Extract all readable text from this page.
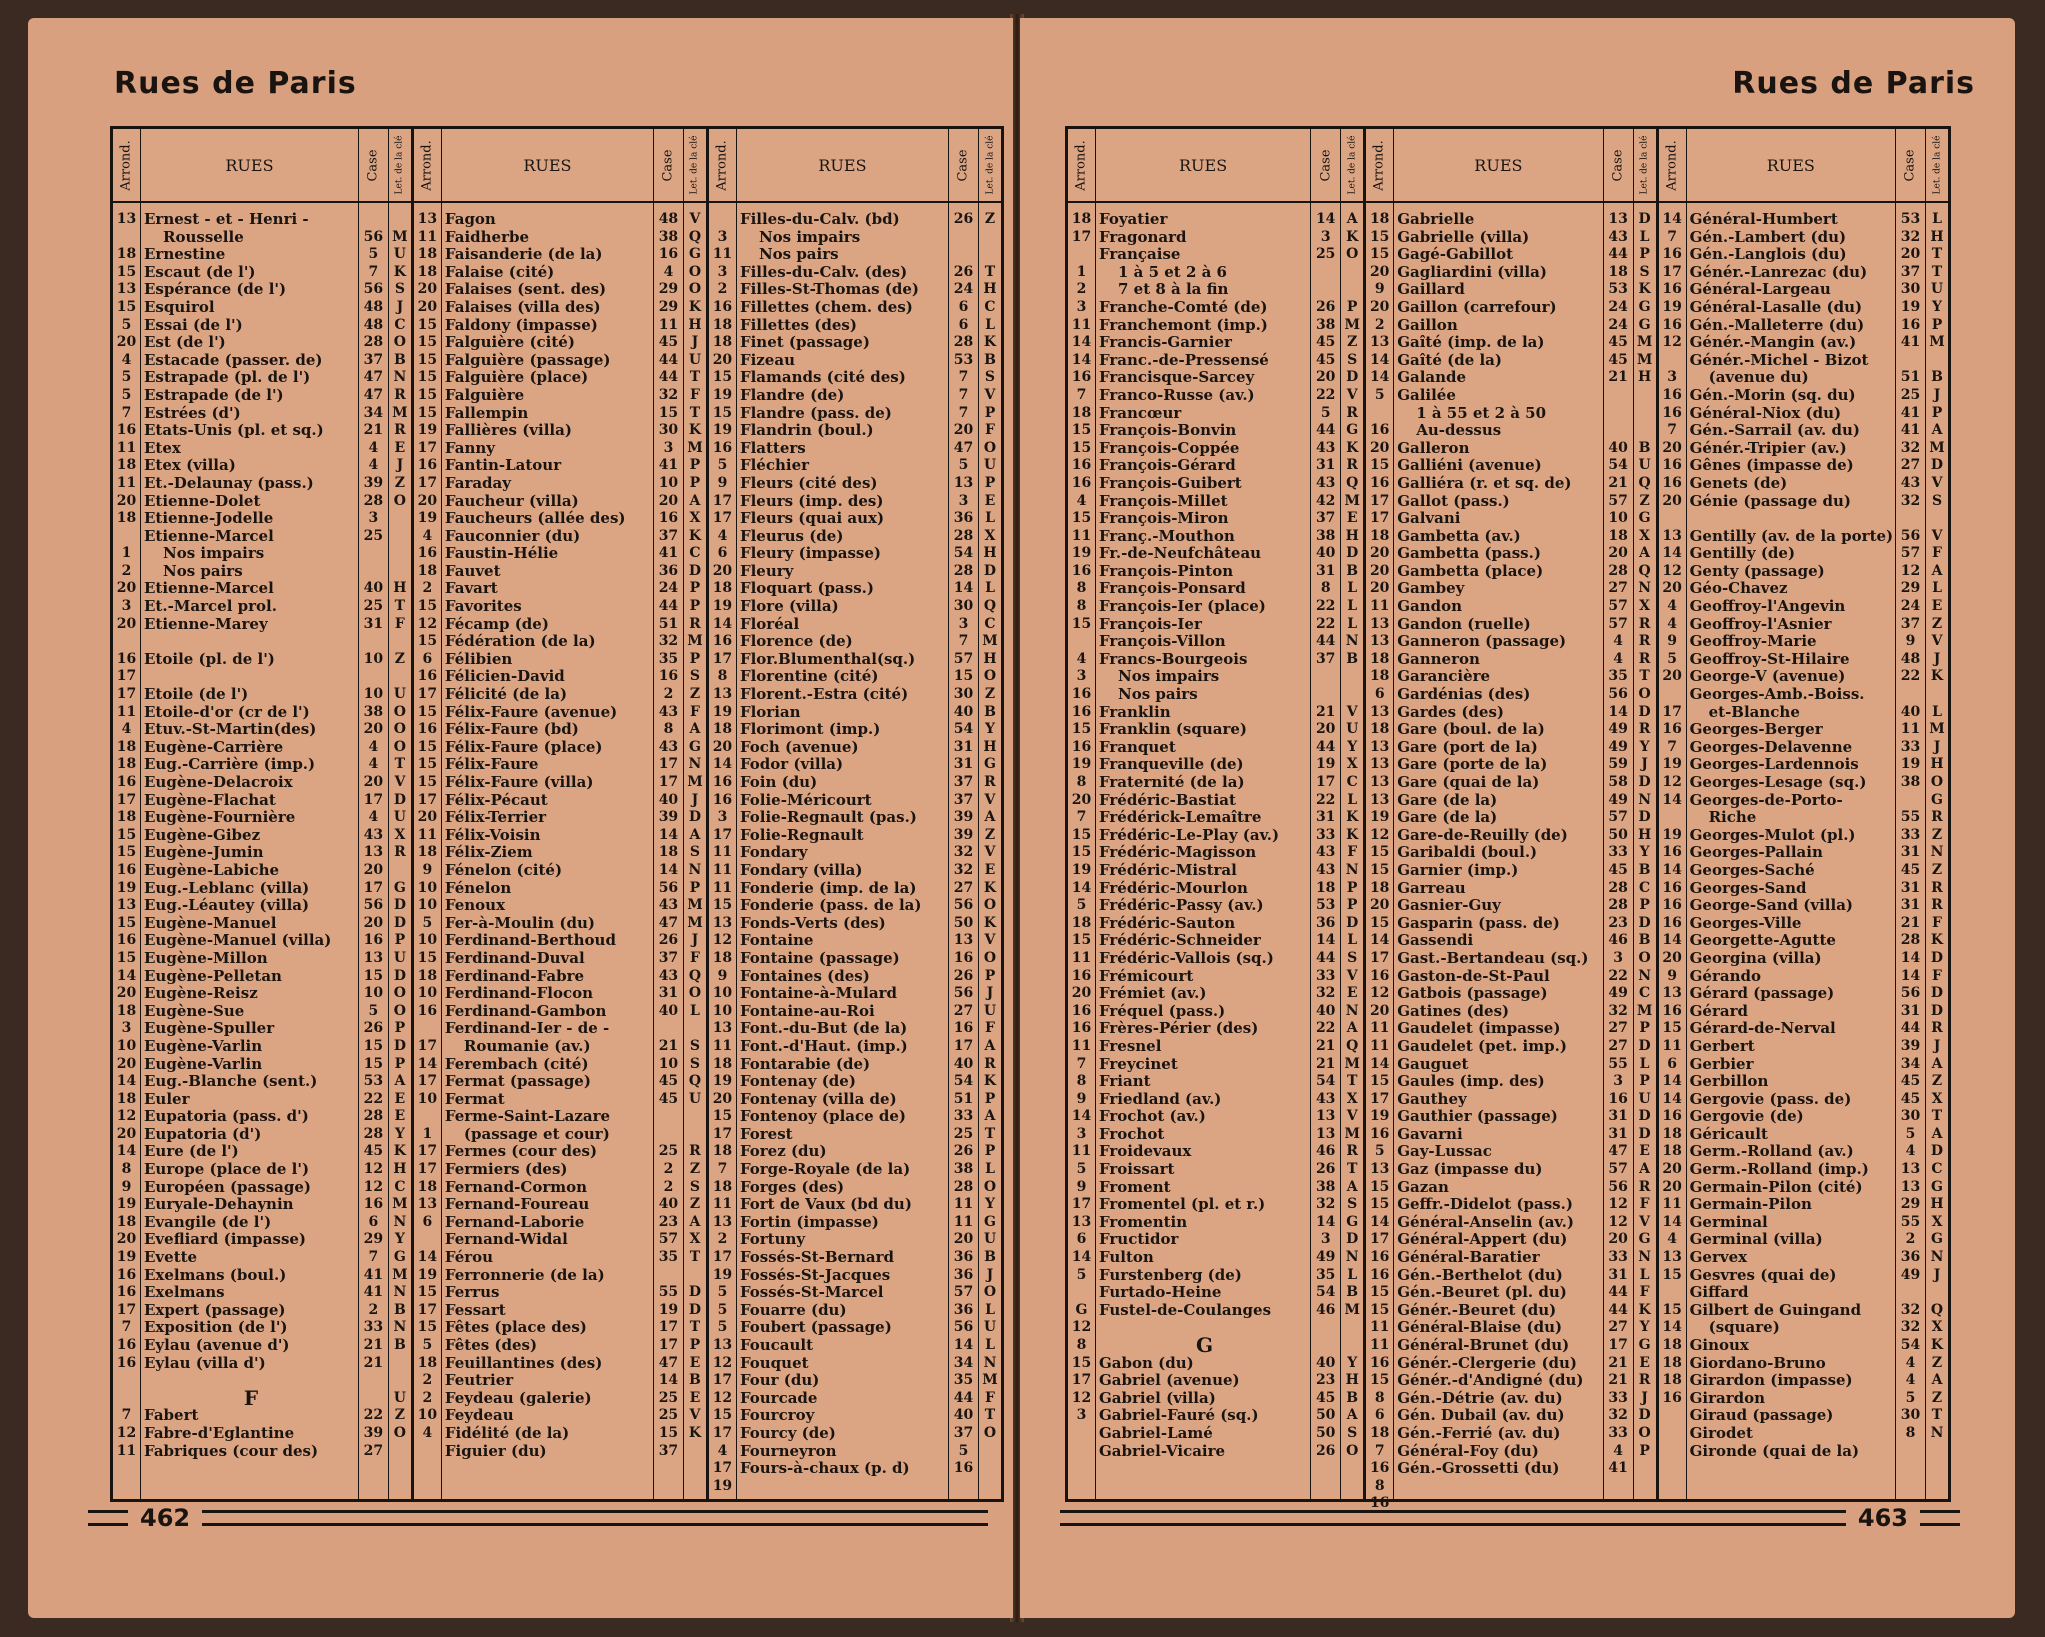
Rues de Paris
Arrond.
13
18
15
13
15
5
20
4
5
5
7
16
11
18
11
20
18
1
2
20
3
20
16
17
17
11
4
18
18
16
17
18
15
15
16
19
13
15
16
15
14
20
18
3
10
20
14
18
12
20
14
8
9
19
18
20
19
16
16
17
7
16
16
7
12
11
RUES
Ernest - et - Henri -
Rousselle
Ernestine
Escaut (de l')
Espérance (de l')
Esquirol
Essai (de l')
Est (de l')
Estacade (passer. de)
Estrapade (pl. de l')
Estrapade (de l')
Estrées (d')
Etats-Unis (pl. et sq.)
Etex
Etex (villa)
Et.-Delaunay (pass.)
Etienne-Dolet
Etienne-Jodelle
Etienne-Marcel
Nos impairs
Nos pairs
Etienne-Marcel
Et.-Marcel prol.
Etienne-Marey
Etoile (pl. de l')
Etoile (de l')
Etoile-d'or (cr de l')
Etuv.-St-Martin(des)
Eugène-Carrière
Eug.-Carrière (imp.)
Eugène-Delacroix
Eugène-Flachat
Eugène-Fournière
Eugène-Gibez
Eugène-Jumin
Eugène-Labiche
Eug.-Leblanc (villa)
Eug.-Léautey (villa)
Eugène-Manuel
Eugène-Manuel (villa)
Eugène-Millon
Eugène-Pelletan
Eugène-Reisz
Eugène-Sue
Eugène-Spuller
Eugène-Varlin
Eugène-Varlin
Eug.-Blanche (sent.)
Euler
Eupatoria (pass. d')
Eupatoria (d')
Eure (de l')
Europe (place de l')
Européen (passage)
Euryale-Dehaynin
Evangile (de l')
Evefliard (impasse)
Evette
Exelmans (boul.)
Exelmans
Expert (passage)
Exposition (de l')
Eylau (avenue d')
Eylau (villa d')
F
Fabert
Fabre-d'Eglantine
Fabriques (cour des)
Case
56
5
7
56
48
48
28
37
47
47
34
21
4
4
39
28
3
25
40
25
31
10
10
38
20
4
4
20
17
4
43
13
20
17
56
20
16
13
15
10
5
26
15
15
53
22
28
28
45
12
12
16
6
29
7
41
41
2
33
21
21
22
39
27
Let. de la clé
M
U
K
S
J
C
O
B
N
R
M
R
E
J
Z
O
H
T
F
Z
U
O
O
O
T
V
D
U
X
R
G
D
D
P
U
D
O
O
P
D
P
A
E
E
Y
K
H
C
M
N
Y
G
M
N
B
N
B
U
Z
O
Arrond.
13
11
18
18
20
20
15
15
15
15
15
15
19
17
16
17
20
19
4
16
18
2
15
12
15
6
16
17
15
16
15
15
15
17
20
11
18
9
10
10
5
10
15
18
10
16
17
14
17
10
1
17
17
18
13
6
14
19
15
17
15
5
18
2
2
10
4
RUES
Fagon
Faidherbe
Faisanderie (de la)
Falaise (cité)
Falaises (sent. des)
Falaises (villa des)
Faldony (impasse)
Falguière (cité)
Falguière (passage)
Falguière (place)
Falguière
Fallempin
Fallières (villa)
Fanny
Fantin-Latour
Faraday
Faucheur (villa)
Faucheurs (allée des)
Fauconnier (du)
Faustin-Hélie
Fauvet
Favart
Favorites
Fécamp (de)
Fédération (de la)
Félibien
Félicien-David
Félicité (de la)
Félix-Faure (avenue)
Félix-Faure (bd)
Félix-Faure (place)
Félix-Faure
Félix-Faure (villa)
Félix-Pécaut
Félix-Terrier
Félix-Voisin
Félix-Ziem
Fénelon (cité)
Fénelon
Fenoux
Fer-à-Moulin (du)
Ferdinand-Berthoud
Ferdinand-Duval
Ferdinand-Fabre
Ferdinand-Flocon
Ferdinand-Gambon
Ferdinand-Ier - de -
Roumanie (av.)
Ferembach (cité)
Fermat (passage)
Fermat
Ferme-Saint-Lazare
(passage et cour)
Fermes (cour des)
Fermiers (des)
Fernand-Cormon
Fernand-Foureau
Fernand-Laborie
Fernand-Widal
Férou
Ferronnerie (de la)
Ferrus
Fessart
Fêtes (place des)
Fêtes (des)
Feuillantines (des)
Feutrier
Feydeau (galerie)
Feydeau
Fidélité (de la)
Figuier (du)
Case
48
38
16
4
29
29
11
45
44
44
32
15
30
3
41
10
20
16
37
41
36
24
44
51
32
35
16
2
43
8
43
17
17
40
39
14
18
14
56
43
47
26
37
43
31
40
21
10
45
45
25
2
2
40
23
57
35
55
19
17
17
47
14
25
25
15
37
Let. de la clé
V
Q
G
O
O
K
H
J
U
T
F
T
K
M
P
P
A
X
K
C
D
P
P
R
M
P
S
Z
F
A
G
N
M
J
D
A
S
N
P
M
M
J
F
Q
O
L
S
S
Q
U
R
Z
S
Z
A
X
T
D
D
T
P
E
B
E
V
K
Arrond.
3
11
3
2
16
18
18
20
15
19
15
19
16
5
9
17
17
4
6
20
18
19
14
16
17
8
13
19
18
20
14
16
16
3
17
11
11
11
15
13
12
18
9
10
10
13
11
18
19
20
15
17
18
7
18
11
13
2
17
19
5
5
5
13
12
17
12
15
17
4
17
19
RUES
Filles-du-Calv. (bd)
Nos impairs
Nos pairs
Filles-du-Calv. (des)
Filles-St-Thomas (de)
Fillettes (chem. des)
Fillettes (des)
Finet (passage)
Fizeau
Flamands (cité des)
Flandre (de)
Flandre (pass. de)
Flandrin (boul.)
Flatters
Fléchier
Fleurs (cité des)
Fleurs (imp. des)
Fleurs (quai aux)
Fleurus (de)
Fleury (impasse)
Fleury
Floquart (pass.)
Flore (villa)
Floréal
Florence (de)
Flor.Blumenthal(sq.)
Florentine (cité)
Florent.-Estra (cité)
Florian
Florimont (imp.)
Foch (avenue)
Fodor (villa)
Foin (du)
Folie-Méricourt
Folie-Regnault (pas.)
Folie-Regnault
Fondary
Fondary (villa)
Fonderie (imp. de la)
Fonderie (pass. de la)
Fonds-Verts (des)
Fontaine
Fontaine (passage)
Fontaines (des)
Fontaine-à-Mulard
Fontaine-au-Roi
Font.-du-But (de la)
Font.-d'Haut. (imp.)
Fontarabie (de)
Fontenay (de)
Fontenay (villa de)
Fontenoy (place de)
Forest
Forez (du)
Forge-Royale (de la)
Forges (des)
Fort de Vaux (bd du)
Fortin (impasse)
Fortuny
Fossés-St-Bernard
Fossés-St-Jacques
Fossés-St-Marcel
Fouarre (du)
Foubert (passage)
Foucault
Fouquet
Four (du)
Fourcade
Fourcroy
Fourcy (de)
Fourneyron
Fours-à-chaux (p. d)
Case
26
26
24
6
6
28
53
7
7
7
20
47
5
13
3
36
28
54
28
14
30
3
7
57
15
30
40
54
31
31
37
37
39
39
32
32
27
56
50
13
16
26
56
27
16
17
40
54
51
33
25
26
38
28
11
11
20
36
36
57
36
56
14
34
35
44
40
37
5
16
Let. de la clé
Z
T
H
C
L
K
B
S
V
P
F
O
U
P
E
L
X
H
D
L
Q
C
M
H
O
Z
B
Y
H
G
R
V
A
Z
V
E
K
O
K
V
O
P
J
U
F
A
R
K
P
A
T
P
L
O
Y
G
U
B
J
O
L
U
L
N
M
F
T
O
462
Rues de Paris
Arrond.
18
17
1
2
3
11
14
14
16
7
18
15
15
16
16
4
15
11
19
16
8
8
15
4
3
16
16
15
16
19
8
20
7
15
15
19
14
5
18
15
11
16
20
16
16
11
7
8
9
14
3
11
5
9
17
13
6
14
5
G
12
8
15
17
12
3
RUES
Foyatier
Fragonard
Française
1 à 5 et 2 à 6
7 et 8 à la fin
Franche-Comté (de)
Franchemont (imp.)
Francis-Garnier
Franc.-de-Pressensé
Francisque-Sarcey
Franco-Russe (av.)
Francœur
François-Bonvin
François-Coppée
François-Gérard
François-Guibert
François-Millet
François-Miron
Franç.-Mouthon
Fr.-de-Neufchâteau
François-Pinton
François-Ponsard
François-Ier (place)
François-Ier
François-Villon
Francs-Bourgeois
Nos impairs
Nos pairs
Franklin
Franklin (square)
Franquet
Franqueville (de)
Fraternité (de la)
Frédéric-Bastiat
Frédérick-Lemaître
Frédéric-Le-Play (av.)
Frédéric-Magisson
Frédéric-Mistral
Frédéric-Mourlon
Frédéric-Passy (av.)
Frédéric-Sauton
Frédéric-Schneider
Frédéric-Vallois (sq.)
Frémicourt
Frémiet (av.)
Fréquel (pass.)
Frères-Périer (des)
Fresnel
Freycinet
Friant
Friedland (av.)
Frochot (av.)
Frochot
Froidevaux
Froissart
Froment
Fromentel (pl. et r.)
Fromentin
Fructidor
Fulton
Furstenberg (de)
Furtado-Heine
Fustel-de-Coulanges
G
Gabon (du)
Gabriel (avenue)
Gabriel (villa)
Gabriel-Fauré (sq.)
Gabriel-Lamé
Gabriel-Vicaire
Case
14
3
25
26
38
45
45
20
22
5
44
43
31
43
42
37
38
40
31
8
22
22
44
37
21
20
44
19
17
22
31
33
43
43
18
53
36
14
44
33
32
40
22
21
21
54
43
13
13
46
26
38
32
14
3
49
35
54
46
40
23
45
50
50
26
Let. de la clé
A
K
O
P
M
Z
S
D
V
R
G
K
R
Q
M
E
H
D
B
L
L
L
N
B
V
U
Y
X
C
L
K
K
F
N
P
P
D
L
S
V
E
N
A
Q
M
T
X
V
M
R
T
A
S
G
D
N
L
B
M
Y
H
B
A
S
O
Arrond.
18
15
15
20
9
20
2
13
14
14
5
16
20
15
16
17
17
18
20
20
20
11
13
13
18
18
6
13
18
13
13
13
13
19
12
15
15
18
20
15
14
17
16
12
20
11
11
14
15
17
19
16
5
13
15
15
14
17
16
16
15
15
11
11
16
15
8
6
18
7
16
8
16
RUES
Gabrielle
Gabrielle (villa)
Gagé-Gabillot
Gagliardini (villa)
Gaillard
Gaillon (carrefour)
Gaillon
Gaîté (imp. de la)
Gaîté (de la)
Galande
Galilée
1 à 55 et 2 à 50
Au-dessus
Galleron
Galliéni (avenue)
Galliéra (r. et sq. de)
Gallot (pass.)
Galvani
Gambetta (av.)
Gambetta (pass.)
Gambetta (place)
Gambey
Gandon
Gandon (ruelle)
Ganneron (passage)
Ganneron
Garancière
Gardénias (des)
Gardes (des)
Gare (boul. de la)
Gare (port de la)
Gare (porte de la)
Gare (quai de la)
Gare (de la)
Gare (de la)
Gare-de-Reuilly (de)
Garibaldi (boul.)
Garnier (imp.)
Garreau
Gasnier-Guy
Gasparin (pass. de)
Gassendi
Gast.-Bertandeau (sq.)
Gaston-de-St-Paul
Gatbois (passage)
Gatines (des)
Gaudelet (impasse)
Gaudelet (pet. imp.)
Gauguet
Gaules (imp. des)
Gauthey
Gauthier (passage)
Gavarni
Gay-Lussac
Gaz (impasse du)
Gazan
Geffr.-Didelot (pass.)
Général-Anselin (av.)
Général-Appert (du)
Général-Baratier
Gén.-Berthelot (du)
Gén.-Beuret (pl. du)
Génér.-Beuret (du)
Général-Blaise (du)
Général-Brunet (du)
Génér.-Clergerie (du)
Génér.-d'Andigné (du)
Gén.-Détrie (av. du)
Gén. Dubail (av. du)
Gén.-Ferrié (av. du)
Général-Foy (du)
Gén.-Grossetti (du)
Case
13
43
44
18
53
24
24
45
45
21
40
54
21
57
10
18
20
28
27
57
57
4
4
35
56
14
49
49
59
58
49
57
50
33
45
28
28
23
46
3
22
49
32
27
27
55
3
16
31
31
47
57
56
12
12
20
33
31
44
44
27
17
21
21
33
32
33
4
41
Let. de la clé
D
L
P
S
K
G
G
M
M
H
B
U
Q
Z
G
X
A
Q
N
X
R
R
R
T
O
D
R
Y
J
D
N
D
H
Y
B
C
P
D
B
O
N
C
M
P
D
L
P
U
D
D
E
A
R
F
V
G
N
L
F
K
Y
G
E
R
J
D
O
P
Arrond.
14
7
16
17
16
19
16
12
3
16
16
7
20
16
16
20
13
14
12
20
4
4
9
5
20
17
16
7
19
12
14
19
16
14
16
16
16
14
20
9
13
16
15
11
6
14
14
16
18
18
20
20
11
14
4
13
15
15
14
18
18
18
16
RUES
Général-Humbert
Gén.-Lambert (du)
Gén.-Langlois (du)
Génér.-Lanrezac (du)
Général-Largeau
Général-Lasalle (du)
Gén.-Malleterre (du)
Génér.-Mangin (av.)
Génér.-Michel - Bizot
(avenue du)
Gén.-Morin (sq. du)
Général-Niox (du)
Gén.-Sarrail (av. du)
Génér.-Tripier (av.)
Gênes (impasse de)
Genets (de)
Génie (passage du)
Gentilly (av. de la porte)
Gentilly (de)
Genty (passage)
Géo-Chavez
Geoffroy-l'Angevin
Geoffroy-l'Asnier
Geoffroy-Marie
Geoffroy-St-Hilaire
George-V (avenue)
Georges-Amb.-Boiss.
et-Blanche
Georges-Berger
Georges-Delavenne
Georges-Lardennois
Georges-Lesage (sq.)
Georges-de-Porto-
Riche
Georges-Mulot (pl.)
Georges-Pallain
Georges-Saché
Georges-Sand
George-Sand (villa)
Georges-Ville
Georgette-Agutte
Georgina (villa)
Gérando
Gérard (passage)
Gérard
Gérard-de-Nerval
Gerbert
Gerbier
Gerbillon
Gergovie (pass. de)
Gergovie (de)
Géricault
Germ.-Rolland (av.)
Germ.-Rolland (imp.)
Germain-Pilon (cité)
Germain-Pilon
Germinal
Germinal (villa)
Gervex
Gesvres (quai de)
Giffard
Gilbert de Guingand
(square)
Ginoux
Giordano-Bruno
Girardon (impasse)
Girardon
Giraud (passage)
Girodet
Gironde (quai de la)
Case
53
32
20
37
30
19
16
41
51
25
41
41
32
27
43
32
56
57
12
29
24
37
9
48
22
40
11
33
19
38
55
33
31
45
31
31
21
28
14
14
56
31
44
39
34
45
45
30
5
4
13
13
29
55
2
36
49
32
32
54
4
4
5
30
8
Let. de la clé
L
H
T
T
U
Y
P
M
B
J
P
A
M
D
V
S
V
F
A
L
E
Z
V
J
K
L
M
J
H
O
G
R
Z
N
Z
R
R
F
K
D
F
D
D
R
J
A
Z
X
T
A
D
C
G
H
X
G
N
J
Q
X
K
Z
A
Z
T
N
463
